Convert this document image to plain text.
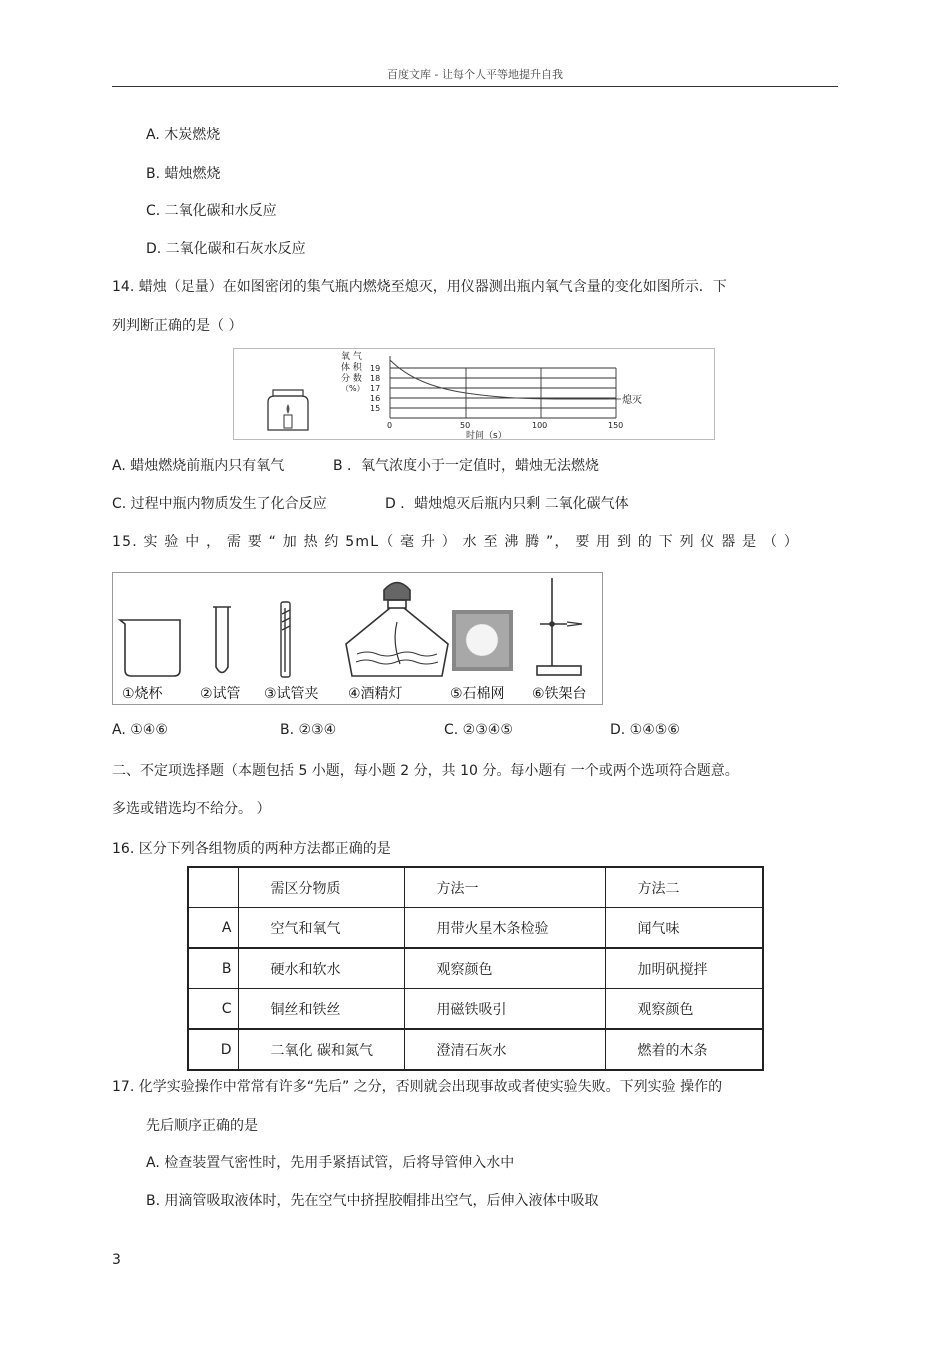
百度文库 - 让每个人平等地提升自我
A. 木炭燃烧
B. 蜡烛燃烧
C. 二氧化碳和水反应
D. 二氧化碳和石灰水反应
14. 蜡烛（足量）在如图密闭的集气瓶内燃烧至熄灭，用仪器测出瓶内氧气含量的变化如图所示．下
列判断正确的是（ ）
氧 气
体 积
分 数
（%）
19
18
17
16
15
熄灭
0	50	100	150
时间（s）
A. 蜡烛燃烧前瓶内只有氧气	B ．氧气浓度小于一定值时，蜡烛无法燃烧
C. 过程中瓶内物质发生了化合反应	D ．蜡烛熄灭后瓶内只剩 二氧化碳气体
15. 实 验 中 ， 需 要 “ 加 热 约 5mL（ 毫 升 ） 水 至 沸 腾 ”， 要 用 到 的 下 列 仪 器 是 （ ）
①烧杯	②试管 ③试管夹 ④酒精灯	⑤石棉网 ⑥铁架台
A. ①④⑥	B. ②③④	C. ②③④⑤	D. ①④⑤⑥
二、不定项选择题（本题包括 5 小题，每小题 2 分，共 10 分。每小题有 一个或两个选项符合题意。
多选或错选均不给分。 ）
16. 区分下列各组物质的两种方法都正确的是
	需区分物质	方法一	方法二
A	空气和氧气	用带火星木条检验	闻气味
B	硬水和软水	观察颜色	加明矾搅拌
C	铜丝和铁丝	用磁铁吸引	观察颜色
D	二氧化 碳和氮气	澄清石灰水	燃着的木条
17. 化学实验操作中常常有许多“先后” 之分，否则就会出现事故或者使实验失败。下列实验 操作的
先后顺序正确的是
A. 检查装置气密性时，先用手紧捂试管，后将导管伸入水中
B. 用滴管吸取液体时，先在空气中挤捏胶帽排出空气，后伸入液体中吸取
3
